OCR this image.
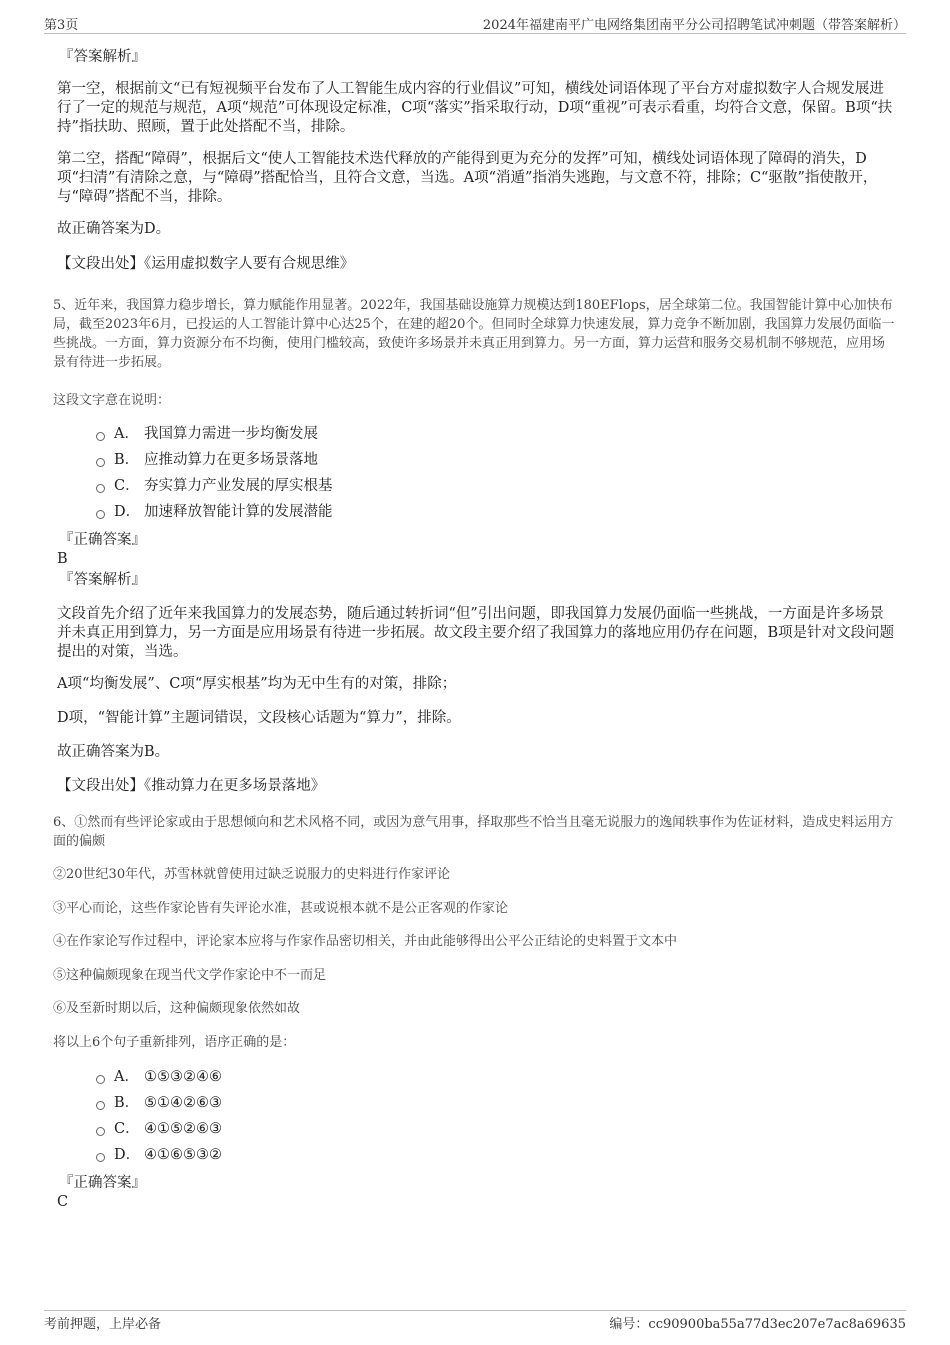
第3页	2024年福建南平广电网络集团南平分公司招聘笔试冲刺题（带答案解析）
『答案解析』
第一空，根据前文“已有短视频平台发布了人工智能生成内容的行业倡议”可知，横线处词语体现了平台方对虚拟数字人合规发展进行了一定的规范与规范，A项“规范”可体现设定标准，C项“落实”指采取行动，D项“重视”可表示看重，均符合文意，保留。B项“扶持”指扶助、照顾，置于此处搭配不当，排除。
第二空，搭配“障碍”，根据后文“使人工智能技术迭代释放的产能得到更为充分的发挥”可知，横线处词语体现了障碍的消失，D项“扫清”有清除之意，与“障碍”搭配恰当，且符合文意，当选。A项“消遁”指消失逃跑，与文意不符，排除；C“驱散”指使散开，与“障碍”搭配不当，排除。
故正确答案为D。
【文段出处】《运用虚拟数字人要有合规思维》
5、近年来，我国算力稳步增长，算力赋能作用显著。2022年，我国基础设施算力规模达到180EFlops，居全球第二位。我国智能计算中心加快布局，截至2023年6月，已投运的人工智能计算中心达25个，在建的超20个。但同时全球算力快速发展，算力竞争不断加剧，我国算力发展仍面临一些挑战。一方面，算力资源分布不均衡，使用门槛较高，致使许多场景并未真正用到算力。另一方面，算力运营和服务交易机制不够规范，应用场景有待进一步拓展。
这段文字意在说明：
A． 我国算力需进一步均衡发展
B． 应推动算力在更多场景落地
C． 夯实算力产业发展的厚实根基
D． 加速释放智能计算的发展潜能
『正确答案』
B
『答案解析』
文段首先介绍了近年来我国算力的发展态势，随后通过转折词“但”引出问题，即我国算力发展仍面临一些挑战，一方面是许多场景并未真正用到算力，另一方面是应用场景有待进一步拓展。故文段主要介绍了我国算力的落地应用仍存在问题，B项是针对文段问题提出的对策，当选。
A项“均衡发展”、C项“厚实根基”均为无中生有的对策，排除；
D项，“智能计算”主题词错误，文段核心话题为“算力”，排除。
故正确答案为B。
【文段出处】《推动算力在更多场景落地》
6、①然而有些评论家或由于思想倾向和艺术风格不同，或因为意气用事，择取那些不恰当且毫无说服力的逸闻轶事作为佐证材料，造成史料运用方面的偏颇
②20世纪30年代，苏雪林就曾使用过缺乏说服力的史料进行作家评论
③平心而论，这些作家论皆有失评论水准，甚或说根本就不是公正客观的作家论
④在作家论写作过程中，评论家本应将与作家作品密切相关，并由此能够得出公平公正结论的史料置于文本中
⑤这种偏颇现象在现当代文学作家论中不一而足
⑥及至新时期以后，这种偏颇现象依然如故
将以上6个句子重新排列，语序正确的是：
A． ①⑤③②④⑥
B． ⑤①④②⑥③
C． ④①⑤②⑥③
D． ④①⑥⑤③②
『正确答案』
C
考前押题，上岸必备	编号：cc90900ba55a77d3ec207e7ac8a69635
